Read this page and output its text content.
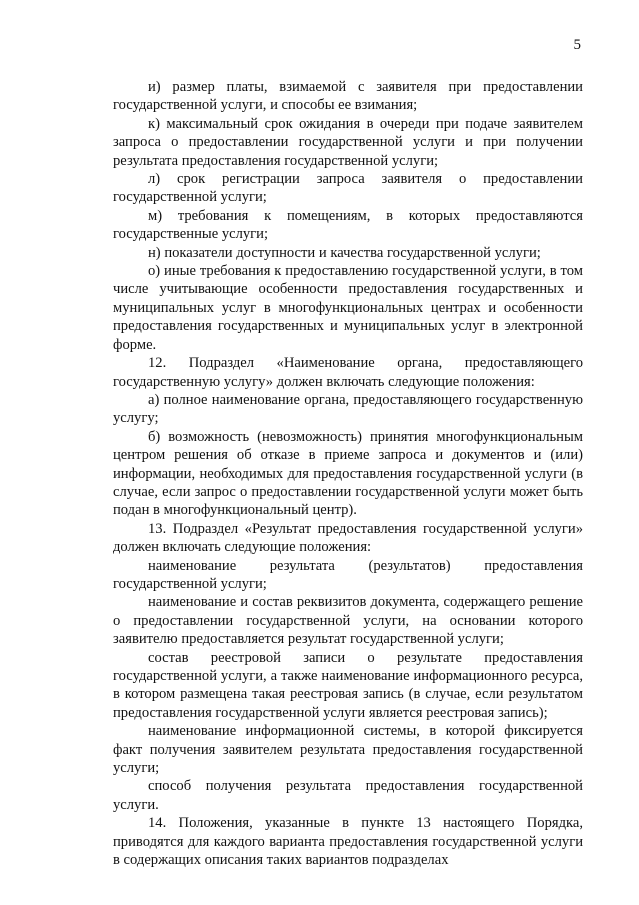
5

и) размер платы, взимаемой с заявителя при предоставлении государственной услуги, и способы ее взимания;

к) максимальный срок ожидания в очереди при подаче заявителем запроса о предоставлении государственной услуги и при получении результата предоставления государственной услуги;

л) срок регистрации запроса заявителя о предоставлении государственной услуги;

м) требования к помещениям, в которых предоставляются государственные услуги;

н) показатели доступности и качества государственной услуги;

о) иные требования к предоставлению государственной услуги, в том числе учитывающие особенности предоставления государственных и муниципальных услуг в многофункциональных центрах и особенности предоставления государственных и муниципальных услуг в электронной форме.

12. Подраздел «Наименование органа, предоставляющего государственную услугу» должен включать следующие положения:

а) полное наименование органа, предоставляющего государственную услугу;

б) возможность (невозможность) принятия многофункциональным центром решения об отказе в приеме запроса и документов и (или) информации, необходимых для предоставления государственной услуги (в случае, если запрос о предоставлении государственной услуги может быть подан в многофункциональный центр).

13. Подраздел «Результат предоставления государственной услуги» должен включать следующие положения:

наименование результата (результатов) предоставления государственной услуги;

наименование и состав реквизитов документа, содержащего решение о предоставлении государственной услуги, на основании которого заявителю предоставляется результат государственной услуги;

состав реестровой записи о результате предоставления государственной услуги, а также наименование информационного ресурса, в котором размещена такая реестровая запись (в случае, если результатом предоставления государственной услуги является реестровая запись);

наименование информационной системы, в которой фиксируется факт получения заявителем результата предоставления государственной услуги;

способ получения результата предоставления государственной услуги.

14. Положения, указанные в пункте 13 настоящего Порядка, приводятся для каждого варианта предоставления государственной услуги в содержащих описания таких вариантов подразделах
